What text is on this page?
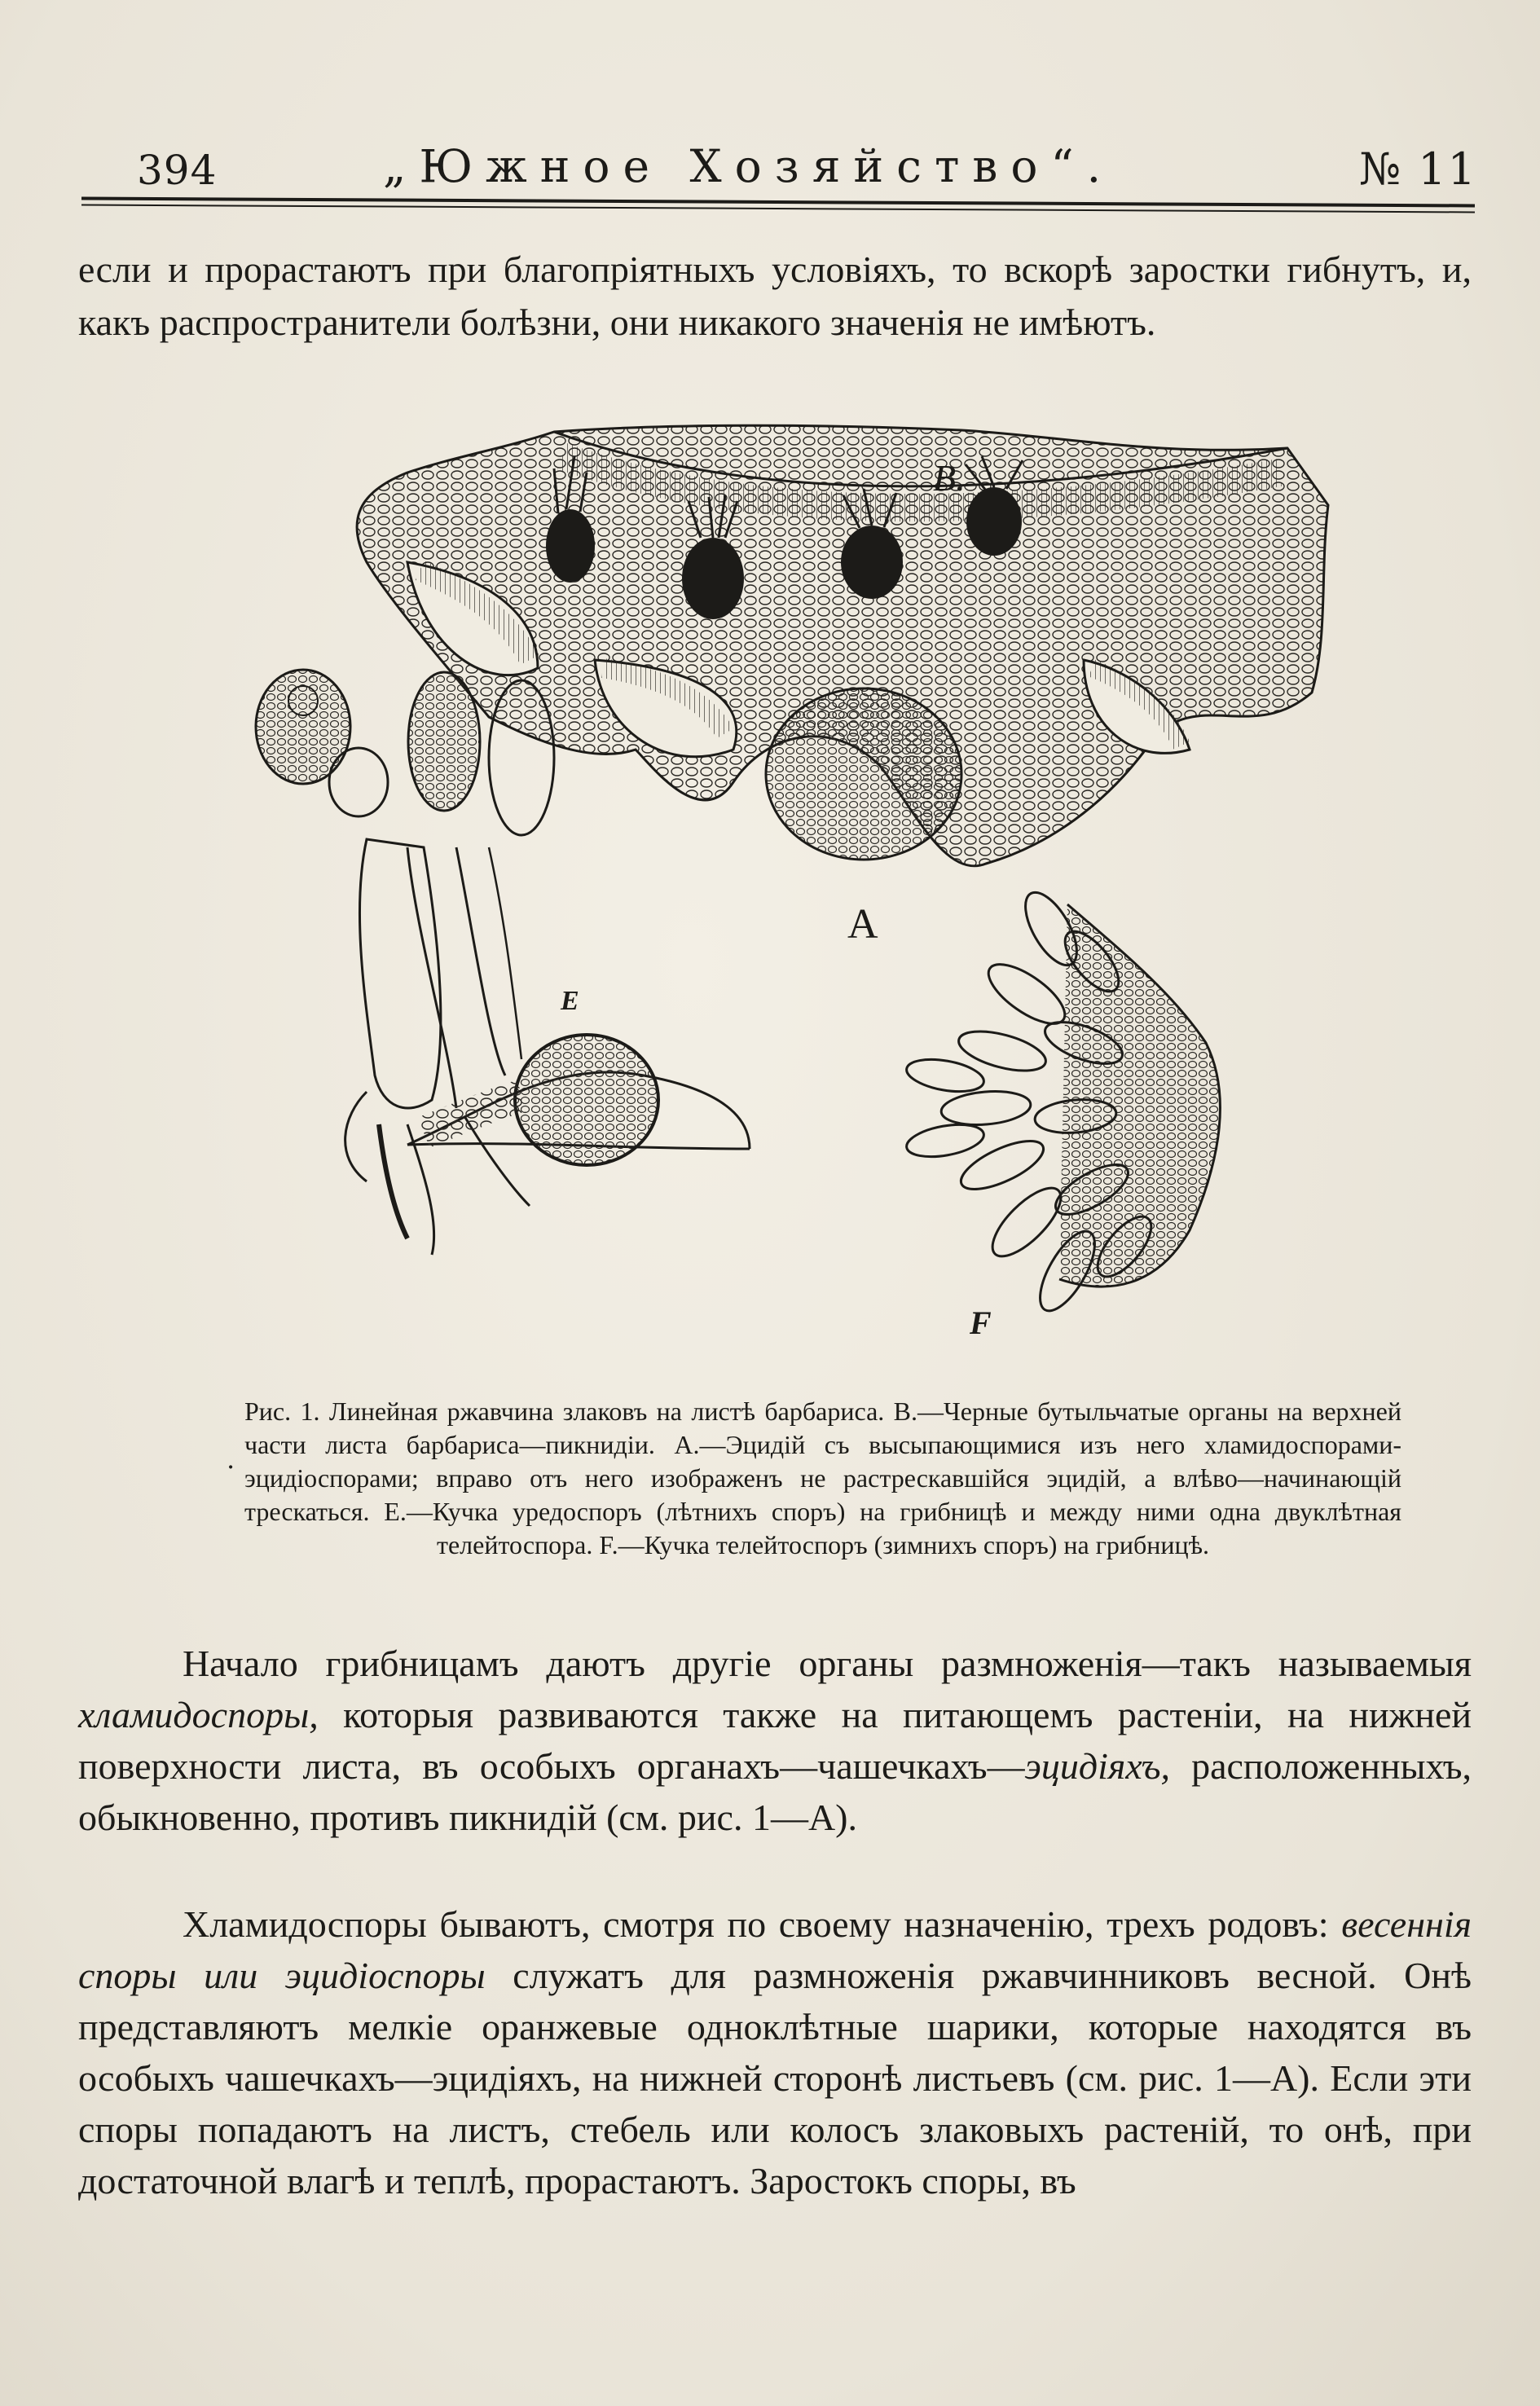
394	„Южное Хозяйство“.	№ 11

если и прорастаютъ при благопріятныхъ условіяхъ, то вскорѣ заростки гибнутъ, и, какъ распространители болѣзни, они никакого значенія не имѣютъ.

B.
A
E
F
.

Рис. 1. Линейная ржавчина злаковъ на листѣ барбариса. В.—Черные бутыльчатые органы на верхней части листа барбариса—пикнидіи. А.—Эцидій съ высыпающимися изъ него хламидоспорами-эцидіоспорами; вправо отъ него изображенъ не растрескавшійся эцидій, а влѣво—начинающій трескаться. Е.—Кучка уредоспоръ (лѣтнихъ споръ) на грибницѣ и между ними одна двуклѣтная телейтоспора. F.—Кучка телейтоспоръ (зимнихъ споръ) на грибницѣ.

Начало грибницамъ даютъ другіе органы размноженія—такъ называемыя хламидоспоры, которыя развиваются также на питающемъ растеніи, на нижней поверхности листа, въ особыхъ органахъ—чашечкахъ—эцидіяхъ, расположенныхъ, обыкновенно, противъ пикнидій (см. рис. 1—А).

Хламидоспоры бываютъ, смотря по своему назначенію, трехъ родовъ: весеннія споры или эцидіоспоры служатъ для размноженія ржавчинниковъ весной. Онѣ представляютъ мелкіе оранжевые одноклѣтные шарики, которые находятся въ особыхъ чашечкахъ—эцидіяхъ, на нижней сторонѣ листьевъ (см. рис. 1—А). Если эти споры попадаютъ на листъ, стебель или колосъ злаковыхъ растеній, то онѣ, при достаточной влагѣ и теплѣ, прорастаютъ. Заростокъ споры, въ
